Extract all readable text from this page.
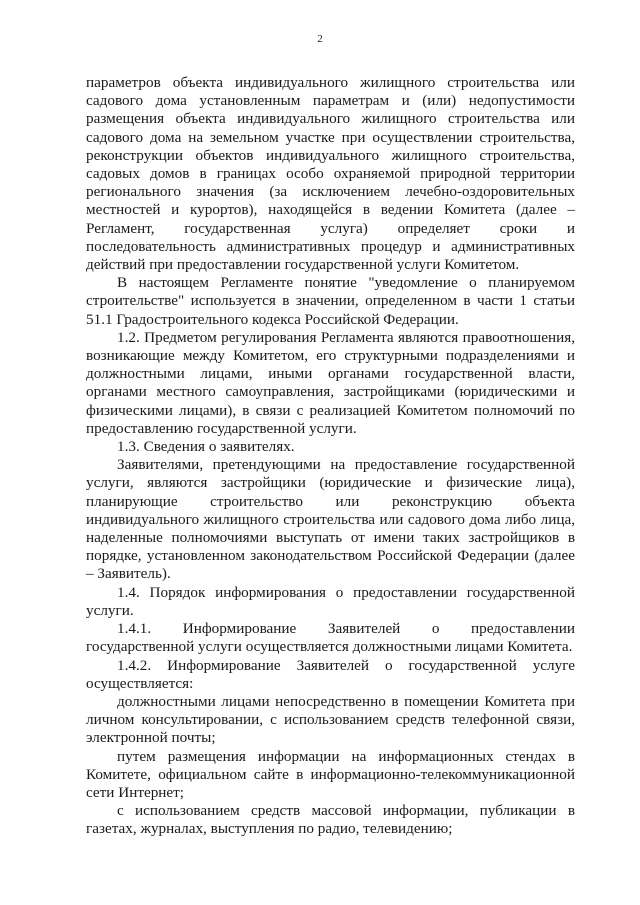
2

параметров объекта индивидуального жилищного строительства или садового дома установленным параметрам и (или) недопустимости размещения объекта индивидуального жилищного строительства или садового дома на земельном участке при осуществлении строительства, реконструкции объектов индивидуального жилищного строительства, садовых домов в границах особо охраняемой природной территории регионального значения (за исключением лечебно-оздоровительных местностей и курортов), находящейся в ведении Комитета (далее – Регламент, государственная услуга) определяет сроки и последовательность административных процедур и административных действий при предоставлении государственной услуги Комитетом.

В настоящем Регламенте понятие "уведомление о планируемом строительстве" используется в значении, определенном в части 1 статьи 51.1 Градостроительного кодекса Российской Федерации.

1.2. Предметом регулирования Регламента являются правоотношения, возникающие между Комитетом, его структурными подразделениями и должностными лицами, иными органами государственной власти, органами местного самоуправления, застройщиками (юридическими и физическими лицами), в связи с реализацией Комитетом полномочий по предоставлению государственной услуги.

1.3. Сведения о заявителях.

Заявителями, претендующими на предоставление государственной услуги, являются застройщики (юридические и физические лица), планирующие строительство или реконструкцию объекта индивидуального жилищного строительства или садового дома либо лица, наделенные полномочиями выступать от имени таких застройщиков в порядке, установленном законодательством Российской Федерации (далее – Заявитель).

1.4. Порядок информирования о предоставлении государственной услуги.

1.4.1. Информирование Заявителей о предоставлении государственной услуги осуществляется должностными лицами Комитета.

1.4.2. Информирование Заявителей о государственной услуге осуществляется:

должностными лицами непосредственно в помещении Комитета при личном консультировании, с использованием средств телефонной связи, электронной почты;

путем размещения информации на информационных стендах в Комитете, официальном сайте в информационно-телекоммуникационной сети Интернет;

с использованием средств массовой информации, публикации в газетах, журналах, выступления по радио, телевидению;
